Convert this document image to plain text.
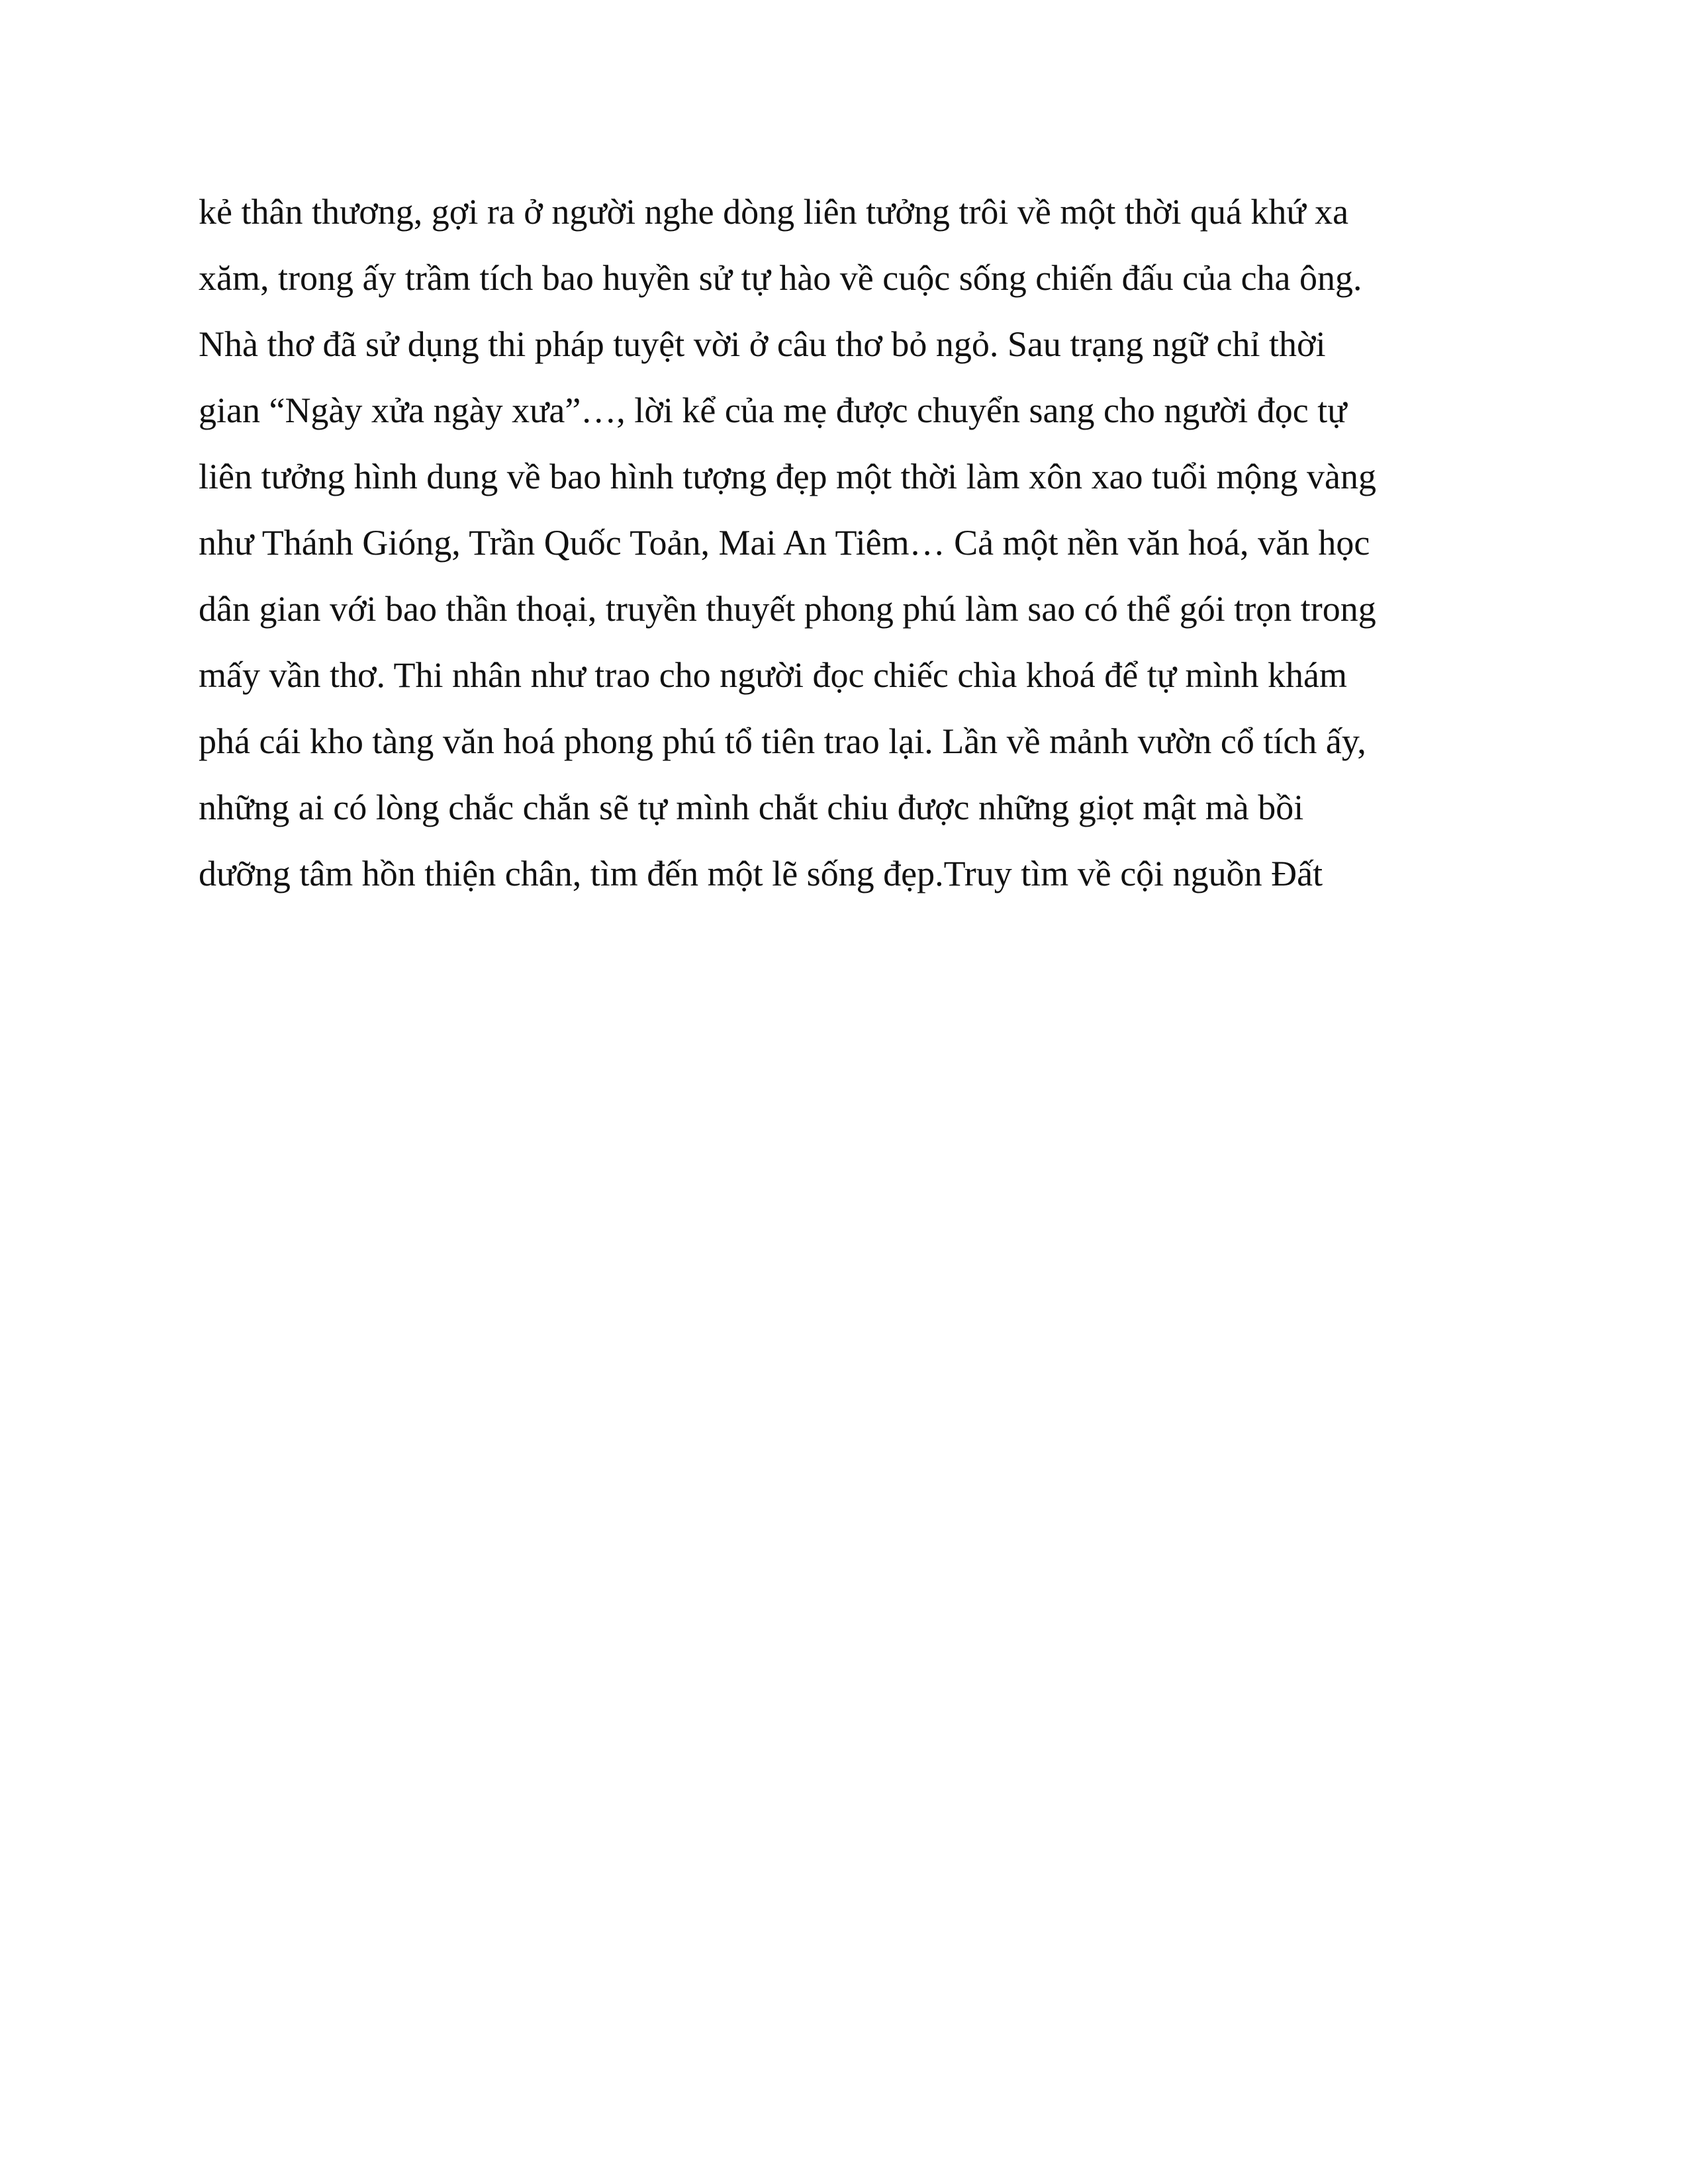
kẻ thân thương, gợi ra ở người nghe dòng liên tưởng trôi về một thời quá khứ xa
xăm, trong ấy trầm tích bao huyền sử tự hào về cuộc sống chiến đấu của cha ông.
Nhà thơ đã sử dụng thi pháp tuyệt vời ở câu thơ bỏ ngỏ. Sau trạng ngữ chỉ thời
gian “Ngày xửa ngày xưa”…, lời kể của mẹ được chuyển sang cho người đọc tự
liên tưởng hình dung về bao hình tượng đẹp một thời làm xôn xao tuổi mộng vàng
như Thánh Gióng, Trần Quốc Toản, Mai An Tiêm… Cả một nền văn hoá, văn học
dân gian với bao thần thoại, truyền thuyết phong phú làm sao có thể gói trọn trong
mấy vần thơ. Thi nhân như trao cho người đọc chiếc chìa khoá để tự mình khám
phá cái kho tàng văn hoá phong phú tổ tiên trao lại. Lần về mảnh vườn cổ tích ấy,
những ai có lòng chắc chắn sẽ tự mình chắt chiu được những giọt mật mà bồi
dưỡng tâm hồn thiện chân, tìm đến một lẽ sống đẹp.Truy tìm về cội nguồn Đất
